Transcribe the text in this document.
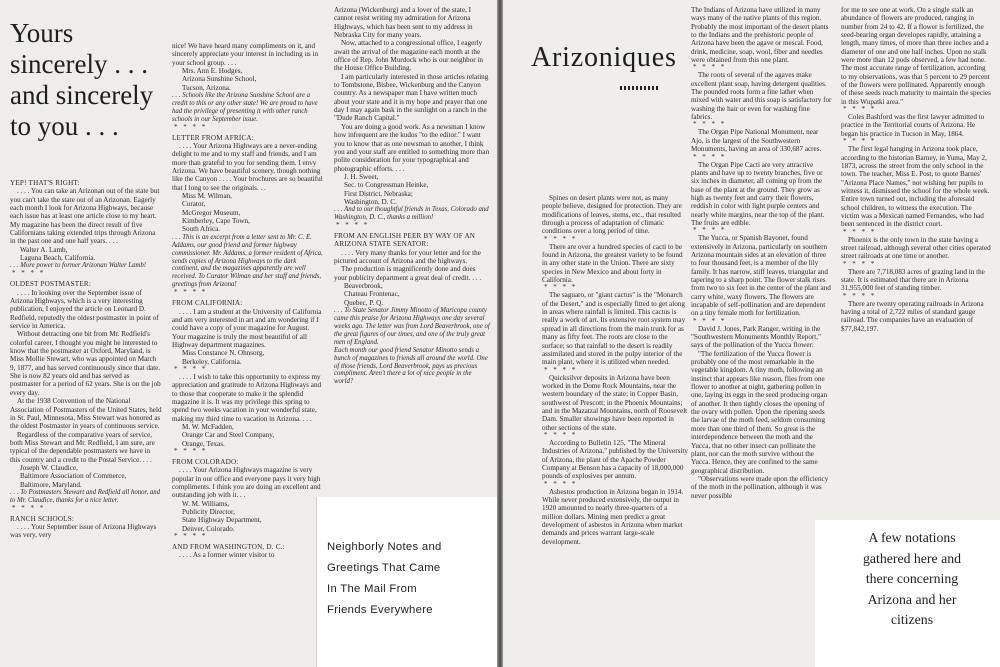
Yours
sincerely . . .
and sincerely
to you . . .

YEP! THAT'S RIGHT:

. . . . You can take an Arizonan out of the state but you can't take the state out of an Arizonan. Eagerly each month I look for Arizona Highways, because each issue has at least one article close to my heart. My magazine has been the direct result of five Californians taking extended trips through Arizona in the past one and one half years. . . .

Walter A. Lamb,

Laguna Beach, California.

. . . More power to former Arizonan Walter Lamb!

* * * *

OLDEST POSTMASTER:

. . . . In looking over the September issue of Arizona Highways, which is a very interesting publication, I enjoyed the article on Leonard D. Redfield, reputedly the oldest postmaster in point of service in America.

Without detracting one bit from Mr. Redfield's colorful career, I thought you might be interested to know that the postmaster at Oxford, Maryland, is Miss Mollie Stewart, who was appointed on March 9, 1877, and has served continuously since that date. She is now 82 years old and has served as postmaster for a period of 62 years. She is on the job every day.

At the 1938 Convention of the National Association of Postmasters of the United States, held in St. Paul, Minnesota, Miss Stewart was honored as the oldest Postmaster in years of continuous service.

Regardless of the comparative years of service, both Miss Stewart and Mr. Redfield, I am sure, are typical of the dependable postmasters we have in this country and a credit to the Postal Service. . . .

Joseph W. Claudice,

Baltimore Association of Commerce,

Baltimore, Maryland.

. . . To Postmasters Stewart and Redfield all honor, and to Mr. Claudice, thanks for a nice letter.

* * * *

RANCH SCHOOLS:

. . . . Your September issue of Arizona Highways was very, very

nice! We have heard many compliments on it, and sincerely appreciate your interest in including us in your school group. . . .

Mrs. Ann E. Hodges,

Arizona Sunshine School,

Tucson, Arizona.

. . . Schools like the Arizona Sunshine School are a credit to this or any other state! We are proud to have had the privilege of presenting it with other ranch schools in our September issue.

* * * *

LETTER FROM AFRICA:

. . . . Your Arizona Highways are a never-ending delight to me and to my staff and friends, and I am more than grateful to you for sending them. I envy Arizona. We have beautiful scenery, though nothing like the Canyon . . . . Your brochures are so beautiful that I long to see the originals. . .

Miss M. Wilman,

Curator,

McGregor Museum,

Kimberley, Cape Town,

South Africa.

. . . This is an excerpt from a letter sent to Mr. C. E. Addams, our good friend and former highway commissioner. Mr. Addams, a former resident of Africa, sends copies of Arizona Highways to the dark continent, and the magazines apparently are well received. To Curator Wilman and her staff and friends, greetings from Arizona!

* * * *

FROM CALIFORNIA:

. . . . I am a student at the University of California and am very interested in art and am wondering if I could have a copy of your magazine for August. Your magazine is truly the most beautiful of all Highway department magazines.

Miss Constance N. Ohnsorg,

Berkeley, California.

* * * *

. . . . I wish to take this opportunity to express my appreciation and gratitude to Arizona Highways and to those that cooperate to make it the splendid magazine it is. It was my privilege this spring to spend two weeks vacation in your wonderful state, making my third time to vacation in Arizona. . . .

M. W. McFadden,

Orange Car and Steel Company,

Orange, Texas.

* * * *

FROM COLORADO:

. . . . Your Arizona Highways magazine is very popular in our office and everyone pays it very high compliments. I think you are doing an excellent and outstanding job with it. . .

W. M. Williams,

Publicity Director,

State Highway Department,

Denver, Colorado.

* * * *

AND FROM WASHINGTON, D. C.:

. . . . As a former winter visitor to

Arizona (Wickenburg) and a lover of the state, I cannot resist writing my admiration for Arizona Highways, which has been sent to my address in Nebraska City for many years.

Now, attached to a congressional office, I eagerly await the arrival of the magazine each month at the office of Rep. John Murdock who is our neighbor in the House Office Building.

I am particularly interested in those articles relating to Tombstone, Bisbee, Wickenburg and the Canyon country. As a newspaper man I have written much about your state and it is my hope and prayer that one day I may again bask in the sunlight on a ranch in the "Dude Ranch Capital."

You are doing a good work. As a newsman I know how infrequent are the kudos "to the editor." I want you to know that as one newsman to another, I think you and your staff are entitled to something more than polite consideration for your typographical and photographic efforts. . . .

J. H. Sweet,

Sec. to Congressman Heinke,

First District, Nebraska;

Washington, D. C.

. . . And to our thoughtful friends in Texas, Colorado and Washington, D. C., thanks a million!

* * * *

FROM AN ENGLISH PEER BY WAY OF AN ARIZONA STATE SENATOR:

. . . . Very many thanks for your letter and for the pictured account of Arizona and the highways.

The production is magnificently done and does your publicity department a great deal of credit. . . .

Beaverbrook,

Chateau Frontenac,

Quebec, P. Q.

. . . To State Senator Jimmy Minotto of Maricopa county came this praise for Arizona Highways one day several weeks ago. The letter was from Lord Beaverbrook, one of the great figures of our times, and one of the truly great men of England.

Each month our good friend Senator Minotto sends a bunch of magazines to friends all around the world. One of those friends, Lord Beaverbrook, pays us precious compliment. Aren't there a lot of nice people in the world?

Neighborly Notes and
Greetings That Came
In The Mail From
Friends Everywhere
Arizoniques

Spines on desert plants were not, as many people believe, designed for protection. They are modifications of leaves, stems, etc., that resulted through a process of adaptation of climatic conditions over a long period of time.

* * * *

There are over a hundred species of cacti to be found in Arizona, the greatest variety to be found in any other state in the Union. There are sixty species in New Mexico and about forty in California.

* * * *

The saguaro, or "giant cactus" is the "Monarch of the Desert," and is especially fitted to get along in areas where rainfall is limited. This cactus is really a work of art. Its extensive root system may spread in all directions from the main trunk for as many as fifty feet. The roots are close to the surface; so that rainfall to the desert is readily assimilated and stored in the pulpy interior of the main plant, where it is utilized when needed.

* * * *

Quicksilver deposits in Arizona have been worked in the Dome Rock Mountains, near the western boundary of the state; in Copper Basin, southwest of Prescott; in the Phoenix Mountains; and in the Mazatzal Mountains, north of Roosevelt Dam. Smaller showings have been reported in other sections of the state.

* * * *

According to Bulletin 125, "The Mineral Industries of Arizona," published by the University of Arizona, the plant of the Apache Powder Company at Benson has a capacity of 18,000,000 pounds of explosives per annum.

* * * *

Asbestos production in Arizona began in 1914. While never produced extensively, the output in 1920 amounted to nearly three-quarters of a million dollars. Mining men predict a great development of asbestos in Arizona when market demands and prices warrant large-scale development.

The Indians of Arizona have utilized in many ways many of the native plants of this region. Probably the most important of the desert plants to the Indians and the prehistoric people of Arizona have been the agave or mescal. Food, drink, medicine, soap, wool, fiber and needles were obtained from this one plant.

* * * *

The roots of several of the agaves make excellent plant soap, having detergent qualities. The pounded roots form a fine lather when mixed with water and this soap is satisfactory for washing the hair or even for washing fine fabrics.

* * * *

The Organ Pipe National Monument, near Ajo, is the largest of the Southwestern Monuments, having an area of 330,687 acres.

* * * *

The Organ Pipe Cacti are very attractive plants and have up to twenty branches, five or six inches in diameter, all coming up from the base of the plant at the ground. They grow as high as twenty feet and carry their flowers, reddish in color with light purple centers and nearly white margins, near the top of the plant. The fruits are edible.

* * * *

The Yucca, or Spanish Bayonet, found extensively in Arizona, particularly on southern Arizona mountain sides at an elevation of three to four thousand feet, is a member of the lily family. It has narrow, stiff leaves, triangular and tapering to a sharp point. The flower stalk rises from two to six feet in the center of the plant and carry white, waxy flowers. The flowers are incapable of self-pollination and are dependent on a tiny female moth for fertilization.

* * * *

David J. Jones, Park Ranger, writing in the "Southwestern Monuments Monthly Report," says of the pollination of the Yucca flower:

"The fertilization of the Yucca flower is probably one of the most remarkable in the vegetable kingdom. A tiny moth, following an instinct that appears like reason, flies from one flower to another at night, gathering pollen in one, laying its eggs in the seed producing organ of another. It then tightly closes the opening of the ovary with pollen. Upon the ripening seeds the larvae of the moth feed, seldom consuming more than one third of them. So great is the interdependence between the moth and the Yucca, that no other insect can pollinate the plant, nor can the moth survive without the Yucca. Hence, they are confined to the same geographical distribution.

"Observations were made upon the efficiency of the moth in the pollination, although it was never possible

for me to see one at work. On a single stalk an abundance of flowers are produced, ranging in number from 24 to 42. If a flower is fertilized, the seed-bearing organ developes rapidly, attaining a length, many times, of more than three inches and a diameter of one and one half inches. Upon no stalk were more than 12 pods observed, a few had none. The most accurate range of fertilization, according to my observations, was that 5 percent to 29 percent of the flowers were pollinated. Apparently enough of these seeds reach maturity to maintain the species in this Wupatki area."

* * * *

Coles Bashford was the first lawyer admitted to practice in the Territorial courts of Arizona. He began his practice in Tucson in May, 1864.

* * * *

The first legal hanging in Arizona took place, according to the historian Barney, in Yuma, May 2, 1873, across the street from the only school in the town. The teacher, Miss E. Post, to quote Barnes' "Arizona Place Names," not wishing her pupils to witness it, dismissed the school for the whole week. Entire town turned out, including the aforesaid school children, to witness the execution. The victim was a Mexican named Fernandes, who had been sentenced in the district court.

* * * *

Phoenix is the only town in the state having a street railroad, although several other cities operated street railroads at one time or another.

* * * *

There are 7,718,083 acres of grazing land in the state. It is estimated that there are in Arizona 31,955,000 feet of standing timber.

* * * *

There are twenty operating railroads in Arizona having a total of 2,722 miles of standard gauge railroad. The companies have an evaluation of $77,842,197.

A few notations
gathered here and
there concerning
Arizona and her
citizens
